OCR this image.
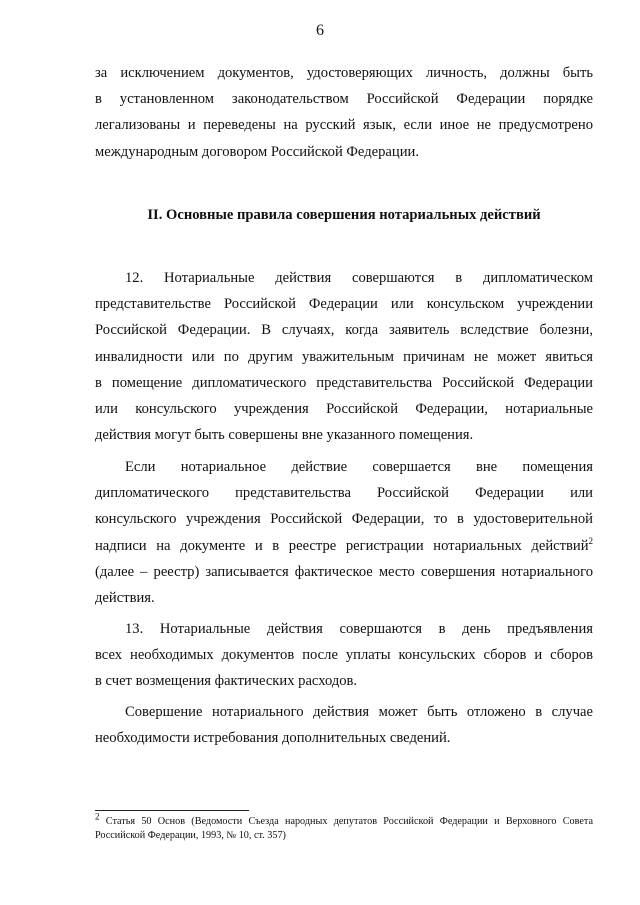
6
за исключением документов, удостоверяющих личность, должны быть
в установленном законодательством Российской Федерации порядке
легализованы и переведены на русский язык, если иное не предусмотрено
международным договором Российской Федерации.
II. Основные правила совершения нотариальных действий
12. Нотариальные действия совершаются в дипломатическом
представительстве Российской Федерации или консульском учреждении
Российской Федерации. В случаях, когда заявитель вследствие болезни,
инвалидности или по другим уважительным причинам не может явиться
в помещение дипломатического представительства Российской Федерации
или консульского учреждения Российской Федерации, нотариальные
действия могут быть совершены вне указанного помещения.
Если нотариальное действие совершается вне помещения
дипломатического представительства Российской Федерации или
консульского учреждения Российской Федерации, то в удостоверительной
надписи на документе и в реестре регистрации нотариальных действий$^2$
(далее – реестр) записывается фактическое место совершения нотариального
действия.
13. Нотариальные действия совершаются в день предъявления
всех необходимых документов после уплаты консульских сборов и сборов
в счет возмещения фактических расходов.
Совершение нотариального действия может быть отложено в случае
необходимости истребования дополнительных сведений.
$^2$ Статья 50 Основ (Ведомости Съезда народных депутатов Российской Федерации и Верховного Совета
Российской Федерации, 1993, № 10, ст. 357)
